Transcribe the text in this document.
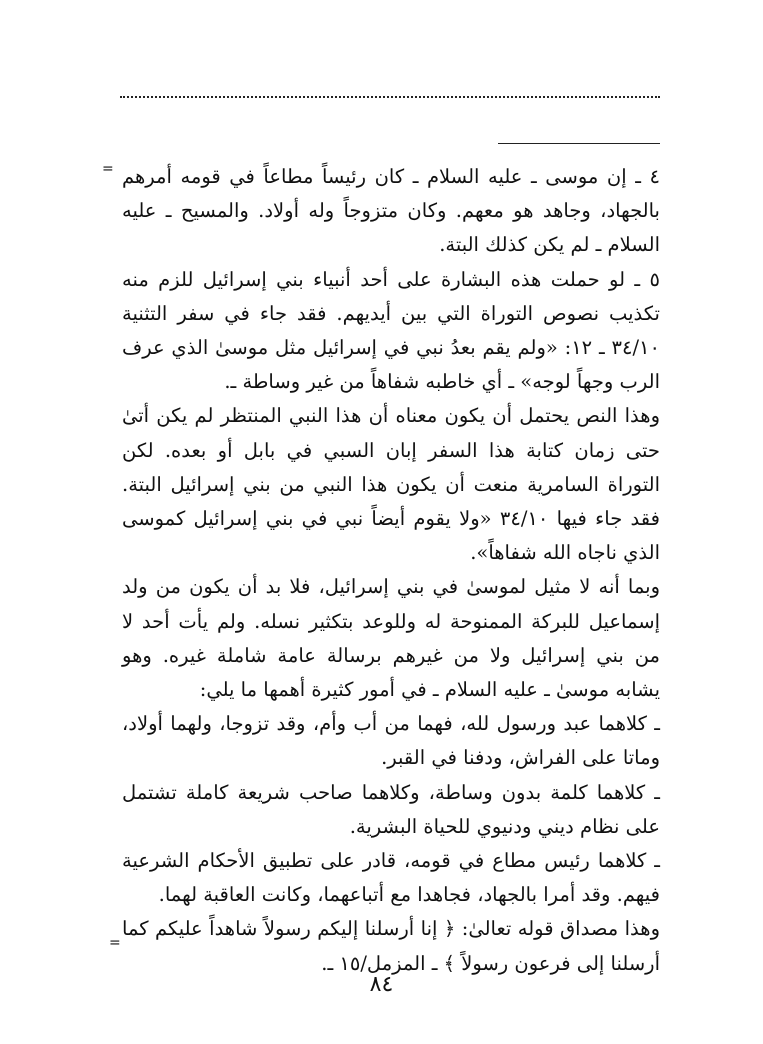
= ٤ ـ إن موسى ـ عليه السلام ـ كان رئيساً مطاعاً في قومه أمرهم بالجهاد، وجاهد هو معهم. وكان متزوجاً وله أولاد. والمسيح ـ عليه السلام ـ لم يكن كذلك البتة.

٥ ـ لو حملت هذه البشارة على أحد أنبياء بني إسرائيل للزم منه تكذيب نصوص التوراة التي بين أيديهم. فقد جاء في سفر التثنية ٣٤/١٠ ـ ١٢: «ولم يقم بعدُ نبي في إسرائيل مثل موسىٰ الذي عرف الرب وجهاً لوجه» ـ أي خاطبه شفاهاً من غير وساطة ـ.

وهذا النص يحتمل أن يكون معناه أن هذا النبي المنتظر لم يكن أتىٰ حتى زمان كتابة هذا السفر إبان السبي في بابل أو بعده. لكن التوراة السامرية منعت أن يكون هذا النبي من بني إسرائيل البتة. فقد جاء فيها ٣٤/١٠ «ولا يقوم أيضاً نبي في بني إسرائيل كموسى الذي ناجاه الله شفاهاً».

وبما أنه لا مثيل لموسىٰ في بني إسرائيل، فلا بد أن يكون من ولد إسماعيل للبركة الممنوحة له وللوعد بتكثير نسله. ولم يأت أحد لا من بني إسرائيل ولا من غيرهم برسالة عامة شاملة غيره. وهو يشابه موسىٰ ـ عليه السلام ـ في أمور كثيرة أهمها ما يلي:

ـ كلاهما عبد ورسول لله، فهما من أب وأم، وقد تزوجا، ولهما أولاد، وماتا على الفراش، ودفنا في القبر.

ـ كلاهما كلمة بدون وساطة، وكلاهما صاحب شريعة كاملة تشتمل على نظام ديني ودنيوي للحياة البشرية.

ـ كلاهما رئيس مطاع في قومه، قادر على تطبيق الأحكام الشرعية فيهم. وقد أمرا بالجهاد، فجاهدا مع أتباعهما، وكانت العاقبة لهما.

وهذا مصداق قوله تعالىٰ: ﴿ إنا أرسلنا إليكم رسولاً شاهداً عليكم كما أرسلنا إلى فرعون رسولاً ﴾ ـ المزمل/١٥ ـ.

=
٨٤
